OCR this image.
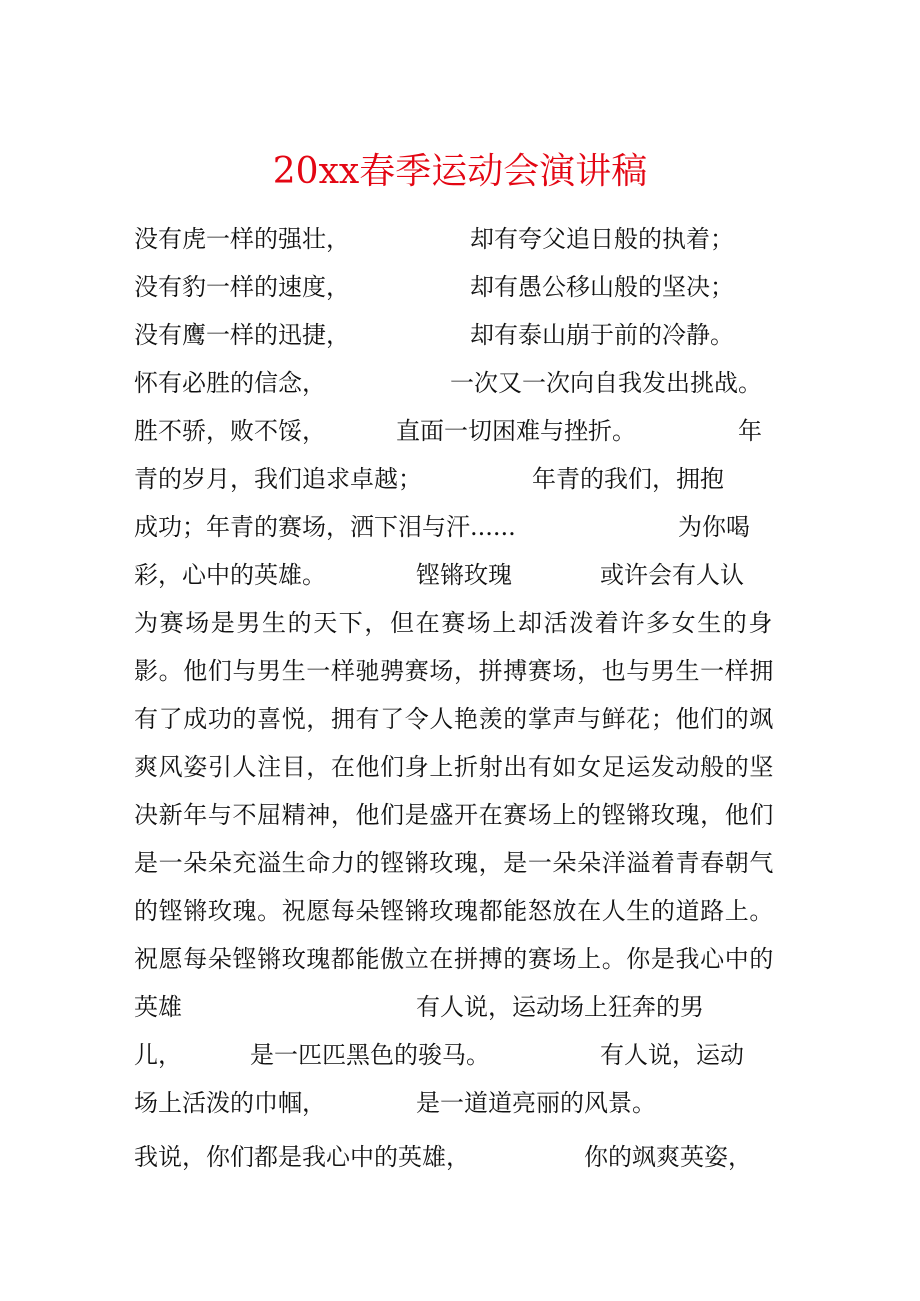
20xx春季运动会演讲稿
没有虎一样的强壮，	却有夸父追日般的执着；
没有豹一样的速度，	却有愚公移山般的坚决；
没有鹰一样的迅捷，	却有泰山崩于前的冷静。
怀有必胜的信念，	一次又一次向自我发出挑战。
胜不骄，败不馁，	直面一切困难与挫折。	年
青的岁月，我们追求卓越；	年青的我们，拥抱
成功；年青的赛场，洒下泪与汗......	为你喝
彩，心中的英雄。	铿锵玫瑰	或许会有人认
为赛场是男生的天下，但在赛场上却活泼着许多女生的身
影。他们与男生一样驰骋赛场，拼搏赛场，也与男生一样拥
有了成功的喜悦，拥有了令人艳羡的掌声与鲜花；他们的飒
爽风姿引人注目，在他们身上折射出有如女足运发动般的坚
决新年与不屈精神，他们是盛开在赛场上的铿锵玫瑰，他们
是一朵朵充溢生命力的铿锵玫瑰，是一朵朵洋溢着青春朝气
的铿锵玫瑰。祝愿每朵铿锵玫瑰都能怒放在人生的道路上。
祝愿每朵铿锵玫瑰都能傲立在拼搏的赛场上。你是我心中的
英雄	有人说，运动场上狂奔的男
儿，	是一匹匹黑色的骏马。	有人说，运动
场上活泼的巾帼，	是一道道亮丽的风景。
我说，你们都是我心中的英雄，	你的飒爽英姿，
